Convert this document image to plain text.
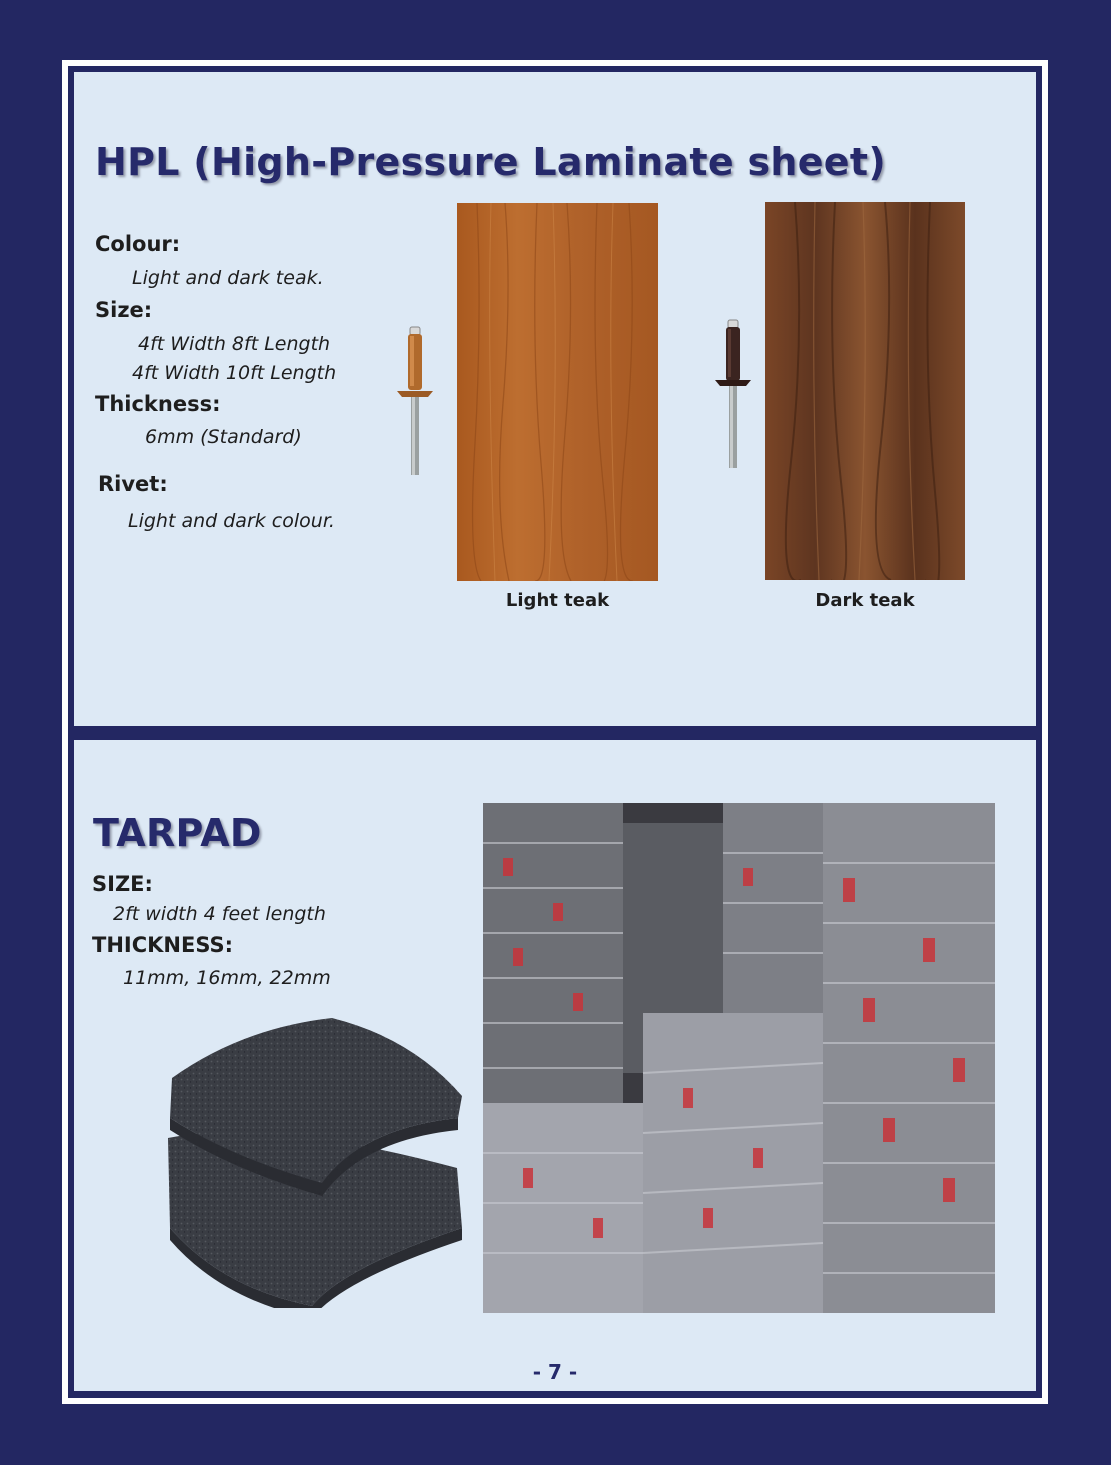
HPL (High-Pressure Laminate sheet)
Colour:
Light and dark teak.
Size:
4ft Width 8ft Length
4ft Width 10ft Length
Thickness:
6mm (Standard)
Rivet:
Light and dark colour.
Light teak	Dark teak
TARPAD
SIZE:
2ft width 4 feet length
THICKNESS:
11mm, 16mm, 22mm
- 7 -
